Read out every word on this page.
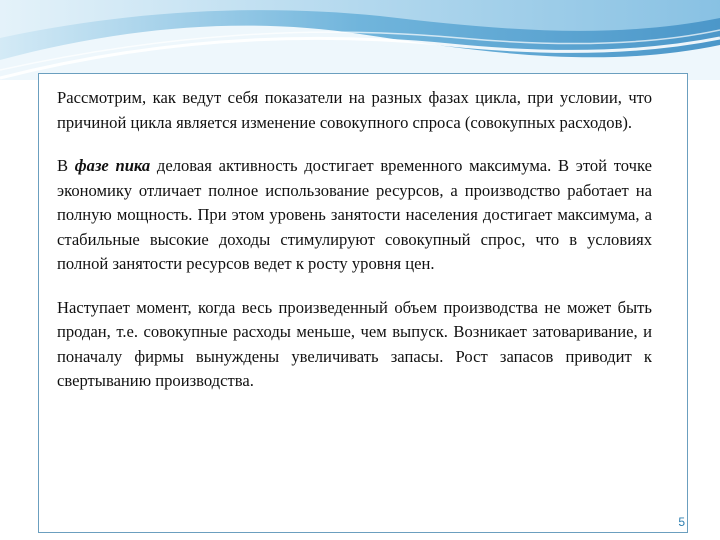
Рассмотрим, как ведут себя показатели на разных фазах цикла, при условии, что причиной цикла является изменение совокупного спроса (совокупных расходов).

В фазе пика деловая активность достигает временного максимума. В этой точке экономику отличает полное использование ресурсов, а производство работает на полную мощность. При этом уровень занятости населения достигает максимума, а стабильные высокие доходы стимулируют совокупный спрос, что в условиях полной занятости ресурсов ведет к росту уровня цен.

Наступает момент, когда весь произведенный объем производства не может быть продан, т.е. совокупные расходы меньше, чем выпуск. Возникает затоваривание, и поначалу фирмы вынуждены увеличивать запасы. Рост запасов приводит к свертыванию производства.

5
